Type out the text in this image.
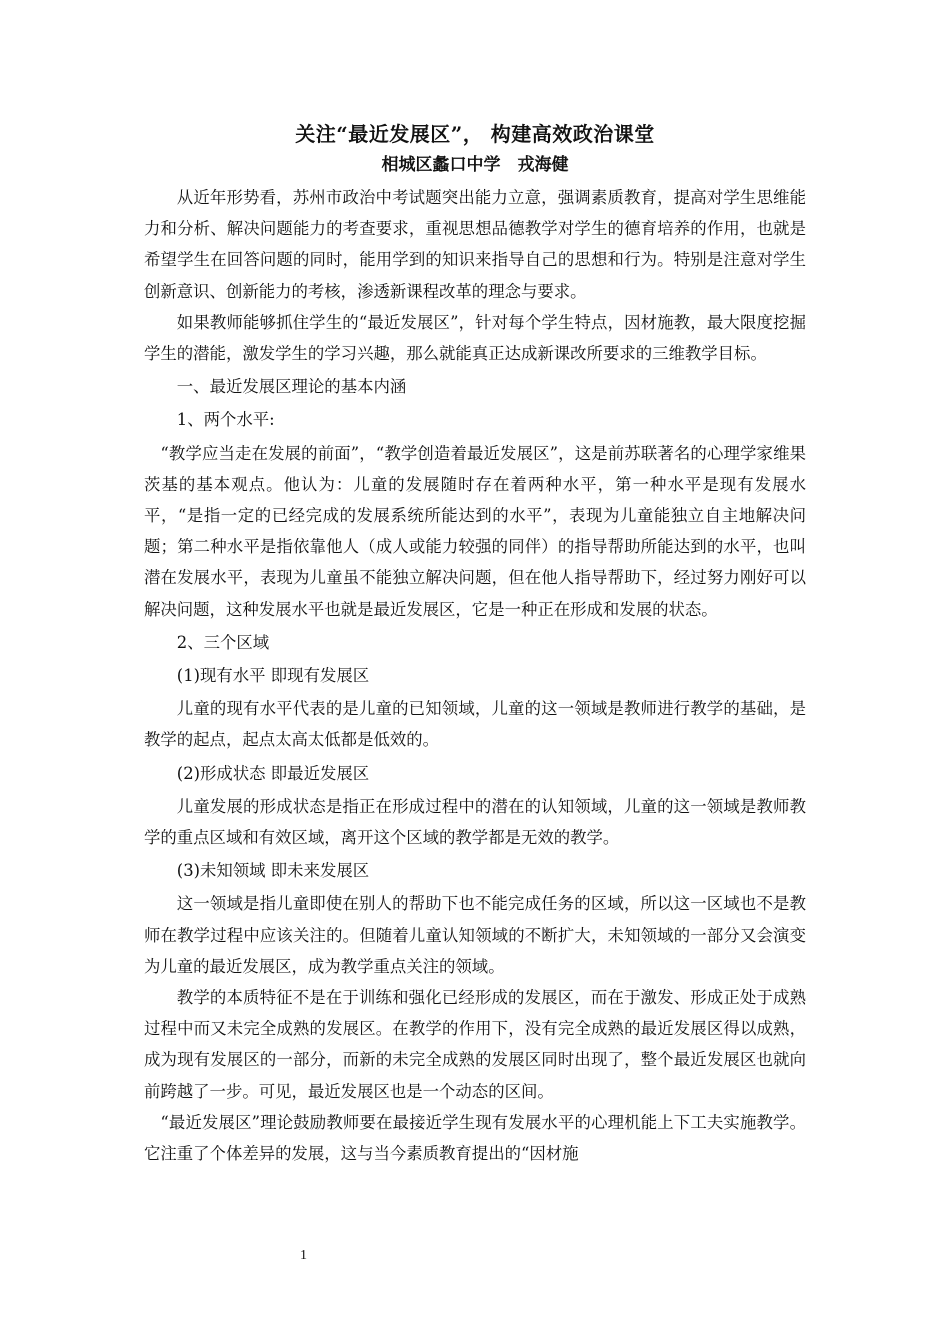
关注“最近发展区”， 构建高效政治课堂

相城区蠡口中学　戎海健

从近年形势看，苏州市政治中考试题突出能力立意，强调素质教育，提高对学生思维能力和分析、解决问题能力的考查要求，重视思想品德教学对学生的德育培养的作用，也就是希望学生在回答问题的同时，能用学到的知识来指导自己的思想和行为。特别是注意对学生创新意识、创新能力的考核，渗透新课程改革的理念与要求。

如果教师能够抓住学生的“最近发展区”，针对每个学生特点，因材施教，最大限度挖掘学生的潜能，激发学生的学习兴趣，那么就能真正达成新课改所要求的三维教学目标。

一、最近发展区理论的基本内涵

1、两个水平:

“教学应当走在发展的前面”，“教学创造着最近发展区”，这是前苏联著名的心理学家维果茨基的基本观点。他认为：儿童的发展随时存在着两种水平，第一种水平是现有发展水平，“是指一定的已经完成的发展系统所能达到的水平”，表现为儿童能独立自主地解决问题；第二种水平是指依靠他人（成人或能力较强的同伴）的指导帮助所能达到的水平，也叫潜在发展水平，表现为儿童虽不能独立解决问题，但在他人指导帮助下，经过努力刚好可以解决问题，这种发展水平也就是最近发展区，它是一种正在形成和发展的状态。

2、三个区域

(1)现有水平 即现有发展区

儿童的现有水平代表的是儿童的已知领域，儿童的这一领域是教师进行教学的基础，是教学的起点，起点太高太低都是低效的。

(2)形成状态 即最近发展区

儿童发展的形成状态是指正在形成过程中的潜在的认知领域，儿童的这一领域是教师教学的重点区域和有效区域，离开这个区域的教学都是无效的教学。

(3)未知领域 即未来发展区

这一领域是指儿童即使在别人的帮助下也不能完成任务的区域，所以这一区域也不是教师在教学过程中应该关注的。但随着儿童认知领域的不断扩大，未知领域的一部分又会演变为儿童的最近发展区，成为教学重点关注的领域。

教学的本质特征不是在于训练和强化已经形成的发展区，而在于激发、形成正处于成熟过程中而又未完全成熟的发展区。在教学的作用下，没有完全成熟的最近发展区得以成熟，成为现有发展区的一部分，而新的未完全成熟的发展区同时出现了，整个最近发展区也就向前跨越了一步。可见，最近发展区也是一个动态的区间。

“最近发展区”理论鼓励教师要在最接近学生现有发展水平的心理机能上下工夫实施教学。它注重了个体差异的发展，这与当今素质教育提出的“因材施

1
